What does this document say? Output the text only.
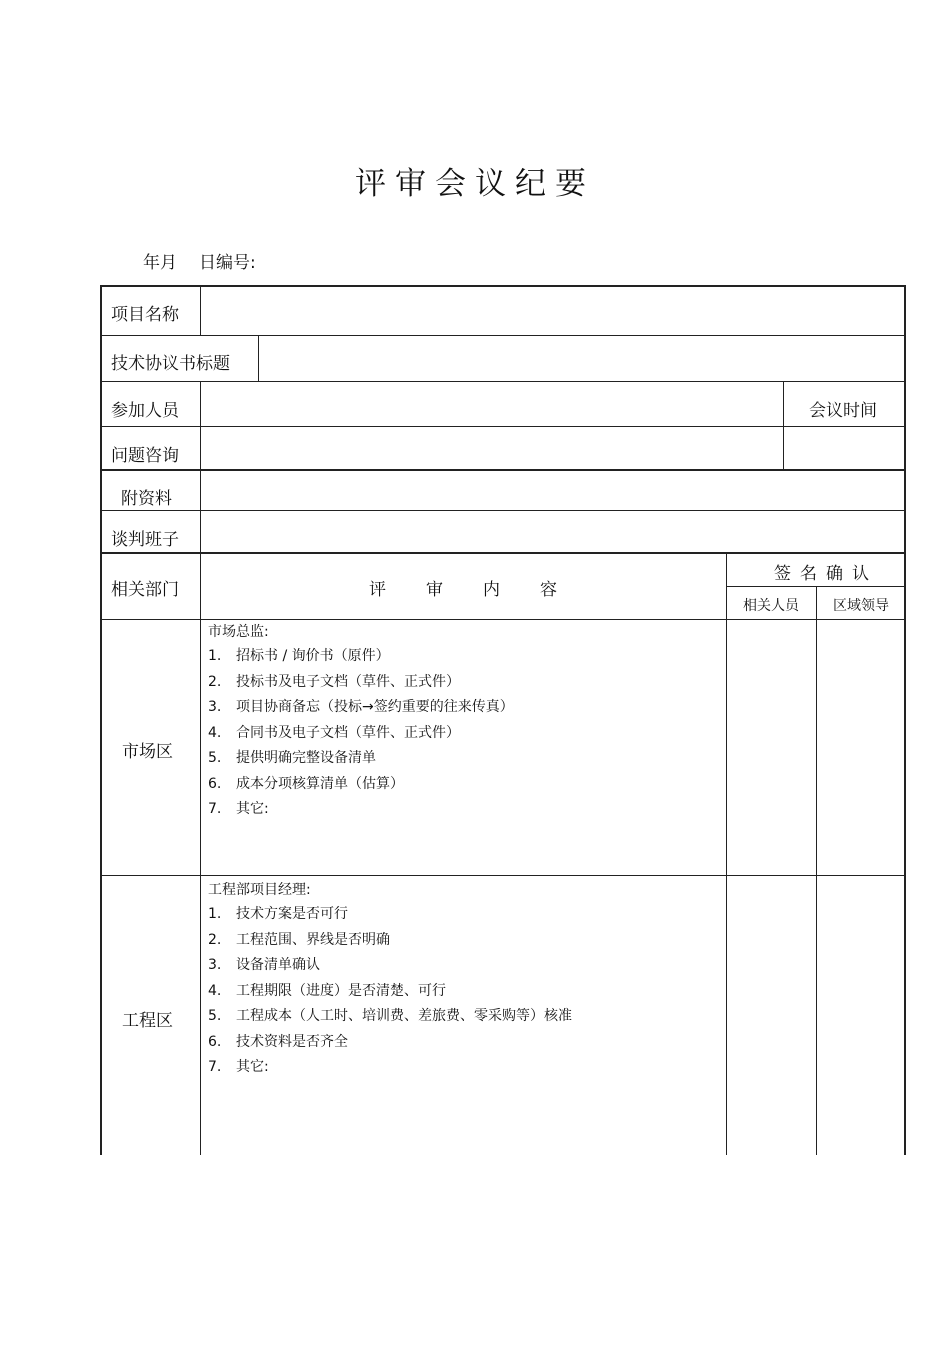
评审会议纪要
年月 日编号:
项目名称
技术协议书标题
参加人员	会议时间
问题咨询
附资料
谈判班子
相关部门	评审内容
签名确认
相关人员	区域领导
市场区
市场总监:
1. 招标书 / 询价书（原件）
2. 投标书及电子文档（草件、正式件）
3. 项目协商备忘（投标→签约重要的往来传真）
4. 合同书及电子文档（草件、正式件）
5. 提供明确完整设备清单
6. 成本分项核算清单（估算）
7. 其它:
工程区
工程部项目经理:
1. 技术方案是否可行
2. 工程范围、界线是否明确
3. 设备清单确认
4. 工程期限（进度）是否清楚、可行
5. 工程成本（人工时、培训费、差旅费、零采购等）核准
6. 技术资料是否齐全
7. 其它:
